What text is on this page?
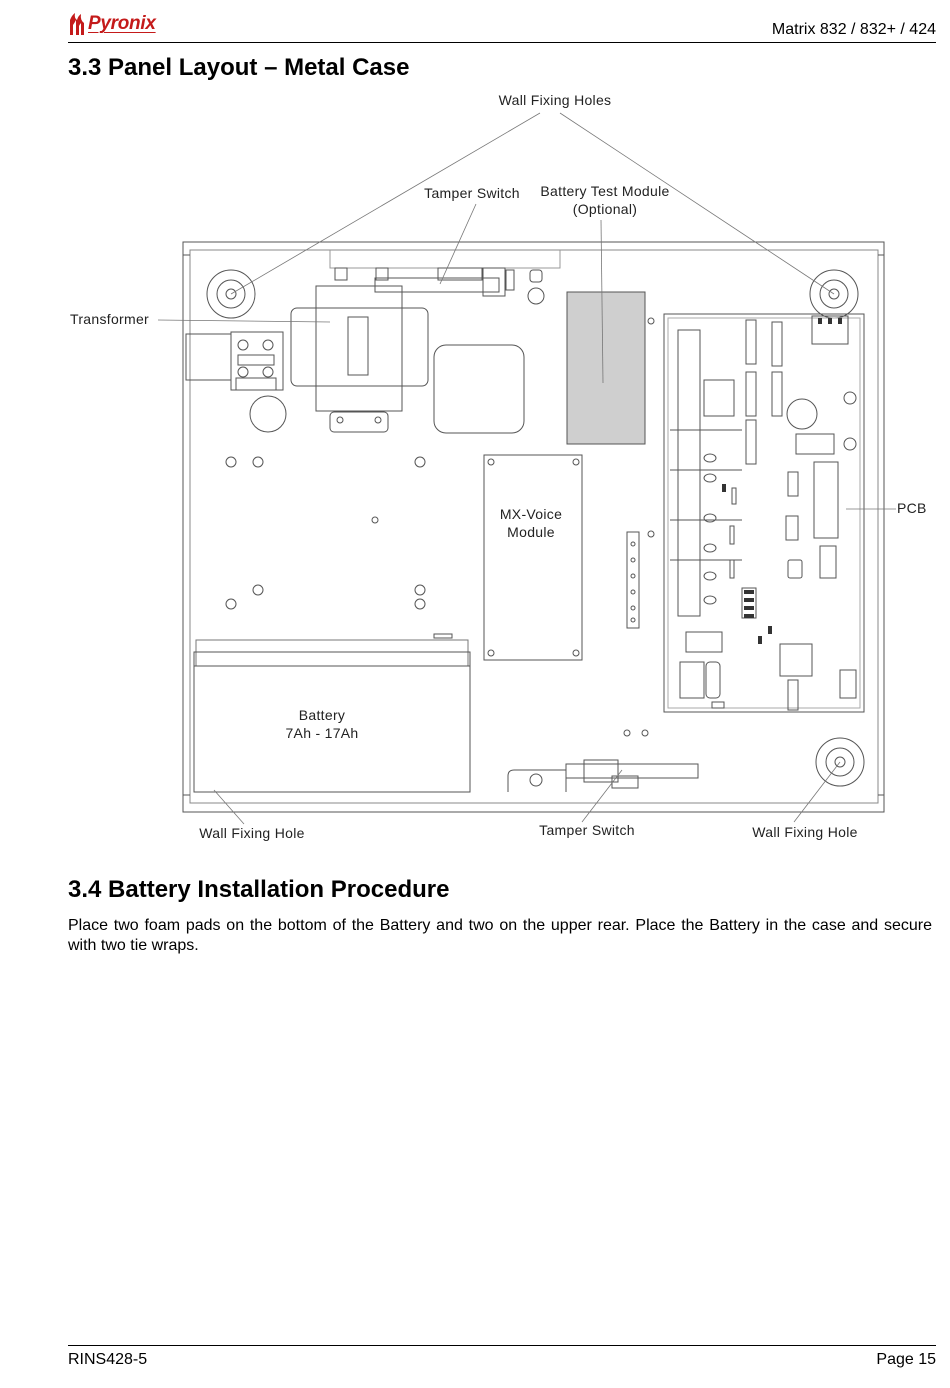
Pyronix	Matrix 832 / 832+ / 424
3.3 Panel Layout – Metal Case
Wall Fixing Holes
Tamper Switch Battery Test Module
(Optional)
Transformer
PCB
MX-Voice
Module
Battery
7Ah - 17Ah
Wall Fixing Hole	Tamper Switch	Wall Fixing Hole
3.4 Battery Installation Procedure

Place two foam pads on the bottom of the Battery and two on the upper rear. Place the Battery in the case and secure with two tie wraps.

RINS428-5	Page 15
